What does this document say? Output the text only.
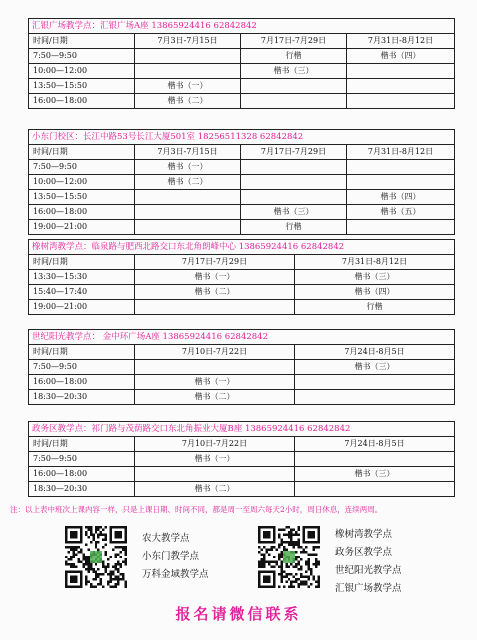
汇银广场教学点：汇银广场A座 13865924416 62842842			
时间/日期	7月3日-7月15日	7月17日-7月29日	7月31日-8月12日
7:50—9:50		行楷	楷书（四）
10:00—12:00		楷书（三）	
13:50—15:50	楷书（一）		
16:00—18:00	楷书（二）		
小东门校区：长江中路53号长江大厦501室 18256511328 62842842			
时间/日期	7月3日-7月15日	7月17日-7月29日	7月31日-8月12日
7:50—9:50	楷书（一）		
10:00—12:00	楷书（二）		
13:50—15:50			楷书（四）
16:00—18:00		楷书（三）	楷书（五）
19:00—21:00		行楷	
橡树湾教学点：临泉路与肥西北路交口东北角朗峰中心 13865924416 62842842		
时间/日期	7月17日-7月29日	7月31日-8月12日
13:30—15:30	楷书（一）	楷书（三）
15:40—17:40	楷书（二）	楷书（四）
19:00—21:00		行楷
世纪阳光教学点： 金中环广场A座 13865924416 62842842		
时间/日期	7月10日-7月22日	7月24日-8月5日
7:50—9:50		楷书（三）
16:00—18:00	楷书（一）	
18:30—20:30	楷书（二）	
政务区教学点：祁门路与茂荫路交口东北角振业大厦B座 13865924416 62842842		
时间/日期	7月10日-7月22日	7月24日-8月5日
7:50—9:50	楷书（一）	
16:00—18:00		楷书（三）
18:30—20:30	楷书（二）	
注：以上表中班次上课内容一样，只是上课日期、时间不同，都是周一至周六每天2小时，周日休息，连续两周。
农大教学点
小东门教学点
万科金域教学点
橡树湾教学点
政务区教学点
世纪阳光教学点
汇银广场教学点
报名请微信联系
